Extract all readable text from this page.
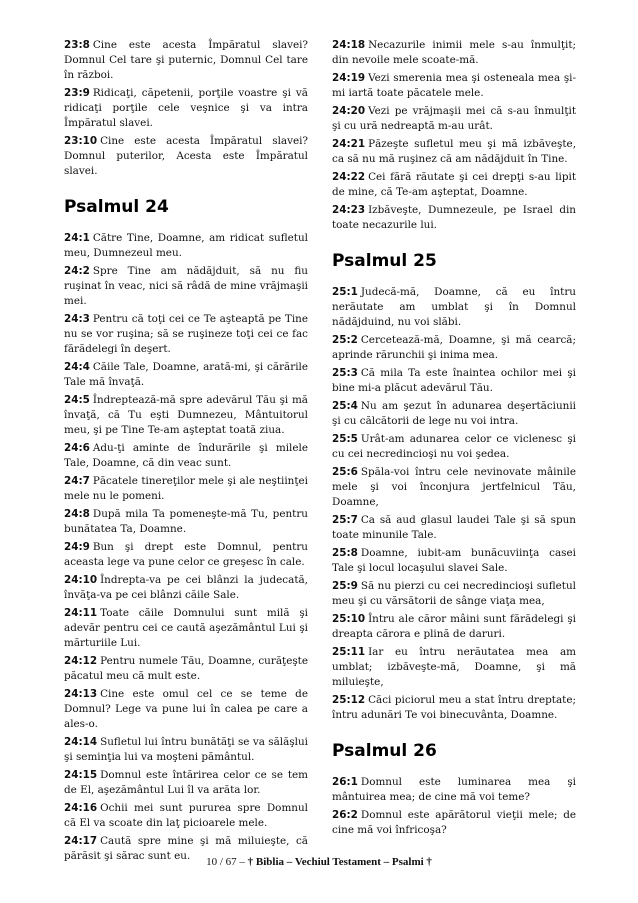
23:8 Cine este acesta Împăratul slavei? Domnul Cel tare şi puternic, Domnul Cel tare în război.

23:9 Ridicaţi, căpetenii, porţile voastre şi vă ridicaţi porţile cele veşnice şi va intra Împăratul slavei.

23:10 Cine este acesta Împăratul slavei? Domnul puterilor, Acesta este Împăratul slavei.

Psalmul 24

24:1 Către Tine, Doamne, am ridicat sufletul meu, Dumnezeul meu.

24:2 Spre Tine am nădăjduit, să nu fiu ruşinat în veac, nici să râdă de mine vrăjmaşii mei.

24:3 Pentru că toţi cei ce Te aşteaptă pe Tine nu se vor ruşina; să se ruşineze toţi cei ce fac fărădelegi în deşert.

24:4 Căile Tale, Doamne, arată-mi, şi cărările Tale mă învaţă.

24:5 Îndreptează-mă spre adevărul Tău şi mă învaţă, că Tu eşti Dumnezeu, Mântuitorul meu, şi pe Tine Te-am aşteptat toată ziua.

24:6 Adu-ţi aminte de îndurările şi milele Tale, Doamne, că din veac sunt.

24:7 Păcatele tinereţilor mele şi ale neştiinţei mele nu le pomeni.

24:8 După mila Ta pomeneşte-mă Tu, pentru bunătatea Ta, Doamne.

24:9 Bun şi drept este Domnul, pentru aceasta lege va pune celor ce greşesc în cale.

24:10 Îndrepta-va pe cei blânzi la judecată, învăţa-va pe cei blânzi căile Sale.

24:11 Toate căile Domnului sunt milă şi adevăr pentru cei ce caută aşezământul Lui şi mărturiile Lui.

24:12 Pentru numele Tău, Doamne, curăţeşte păcatul meu că mult este.

24:13 Cine este omul cel ce se teme de Domnul? Lege va pune lui în calea pe care a ales-o.

24:14 Sufletul lui întru bunătăţi se va sălăşlui şi seminţia lui va moşteni pământul.

24:15 Domnul este întărirea celor ce se tem de El, aşezământul Lui îl va arăta lor.

24:16 Ochii mei sunt pururea spre Domnul că El va scoate din laţ picioarele mele.

24:17 Caută spre mine şi mă miluieşte, că părăsit şi sărac sunt eu.

24:18 Necazurile inimii mele s-au înmulţit; din nevoile mele scoate-mă.

24:19 Vezi smerenia mea şi osteneala mea şi-mi iartă toate păcatele mele.

24:20 Vezi pe vrăjmaşii mei că s-au înmulţit şi cu ură nedreaptă m-au urât.

24:21 Păzeşte sufletul meu şi mă izbăveşte, ca să nu mă ruşinez că am nădăjduit în Tine.

24:22 Cei fără răutate şi cei drepţi s-au lipit de mine, că Te-am aşteptat, Doamne.

24:23 Izbăveşte, Dumnezeule, pe Israel din toate necazurile lui.

Psalmul 25

25:1 Judecă-mă, Doamne, că eu întru nerăutate am umblat şi în Domnul nădăjduind, nu voi slăbi.

25:2 Cercetează-mă, Doamne, şi mă cearcă; aprinde rărunchii şi inima mea.

25:3 Că mila Ta este înaintea ochilor mei şi bine mi-a plăcut adevărul Tău.

25:4 Nu am şezut în adunarea deşertăciunii şi cu călcătorii de lege nu voi intra.

25:5 Urât-am adunarea celor ce viclenesc şi cu cei necredincioşi nu voi şedea.

25:6 Spăla-voi întru cele nevinovate mâinile mele şi voi înconjura jertfelnicul Tău, Doamne,

25:7 Ca să aud glasul laudei Tale şi să spun toate minunile Tale.

25:8 Doamne, iubit-am bunăcuviinţa casei Tale şi locul locaşului slavei Sale.

25:9 Să nu pierzi cu cei necredincioşi sufletul meu şi cu vărsătorii de sânge viaţa mea,

25:10 Întru ale căror mâini sunt fărădelegi şi dreapta cărora e plină de daruri.

25:11 Iar eu întru nerăutatea mea am umblat; izbăveşte-mă, Doamne, şi mă miluieşte,

25:12 Căci piciorul meu a stat întru dreptate; întru adunări Te voi binecuvânta, Doamne.

Psalmul 26

26:1 Domnul este luminarea mea şi mântuirea mea; de cine mă voi teme?

26:2 Domnul este apărătorul vieţii mele; de cine mă voi înfricoşa?

10 / 67 – † Biblia – Vechiul Testament – Psalmi †
